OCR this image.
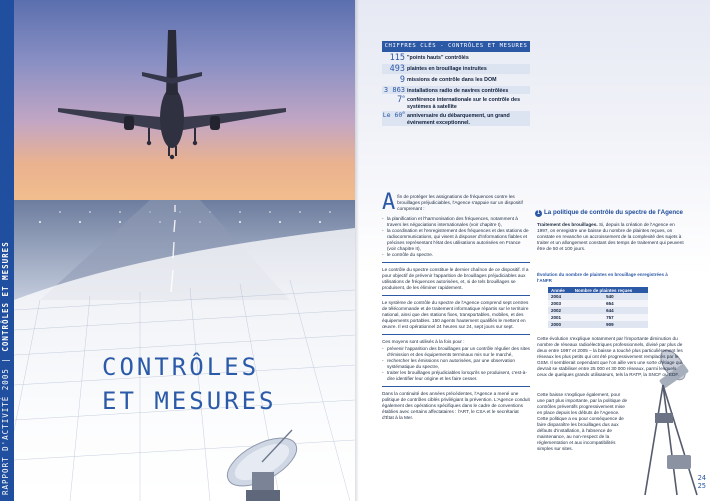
RAPPORT D'ACTIVITÉ 2005 | CONTRÔLES ET MESURES
CONTRÔLES
ET MESURES
CHIFFRES CLÉS - CONTRÔLES ET MESURES
115 "points hauts" contrôlés
493 plaintes en brouillage instruites
9 missions de contrôle dans les DOM
3 863 installations radio de navires contrôlées
7e conférence internationale sur le contrôle des systèmes à satellite
Le 60e anniversaire du débarquement, un grand événement exceptionnel.

Afin de protéger les assignations de fréquences contre les brouillages préjudiciables, l'Agence s'appuie sur un dispositif comprenant :

- la planification et l'harmonisation des fréquences, notamment à travers les négociations internationales (voir chapitre I),
- la coordination et l'enregistrement des fréquences et des stations de radiocommunications, qui visent à disposer d'informations fiables et précises représentant l'état des utilisations autorisées en France (voir chapitre II),
- le contrôle du spectre.

Le contrôle du spectre constitue le dernier chaînon de ce dispositif. Il a pour objectif de prévenir l'apparition de brouillages préjudiciables aux utilisations de fréquences autorisées, et, si de tels brouillages se produisent, de les éliminer rapidement.

Le système de contrôle du spectre de l'Agence comprend sept centres de télécommande et de traitement informatique répartis sur le territoire national, ainsi que des stations fixes, transportables, mobiles, et des équipements portables. 150 agents hautement qualifiés le mettent en œuvre. Il est opérationnel 24 heures sur 24, sept jours sur sept.

Ces moyens sont utilisés à la fois pour :

- prévenir l'apparition des brouillages par un contrôle régulier des sites d'émission et des équipements terminaux mis sur le marché,
- rechercher les émissions non autorisées, par une observation systématique du spectre,
- traiter les brouillages préjudiciables lorsqu'ils se produisent, c'est-à-dire identifier leur origine et les faire cesser.

Dans la continuité des années précédentes, l'Agence a mené une politique de contrôles ciblés privilégiant la prévention. L'Agence conduit également des opérations spécifiques dans le cadre de conventions établies avec certains affectataires : l'ART, le CSA et le secrétariat d'État à la Mer.

1 La politique de contrôle du spectre de l'Agence

Traitement des brouillages. Si, depuis la création de l'Agence en 1997, on enregistre une baisse du nombre de plaintes reçues, on constate en revanche un accroissement de la complexité des sujets à traiter et un allongement constant des temps de traitement qui peuvent être de 50 et 100 jours.

Évolution du nombre de plaintes en brouillage enregistrées à l'ANFR
Année	Nombre de plaintes reçues
2004	540
2003	654
2002	644
2001	757
2000	909

Cette évolution s'explique notamment par l'importante diminution du nombre de réseaux radioélectriques professionnels, divisé par plus de deux entre 1997 et 2005 – la baisse a touché plus particulièrement les réseaux les plus petits qui ont été progressivement remplacés par le GSM. Il semblerait cependant que l'on aille vers une sorte d'étiage qui devrait se stabiliser entre 25 000 et 30 000 réseaux, parmi lesquels ceux de quelques grands utilisateurs, tels la RATP, la SNCF ou EDF.

Cette baisse s'explique également, pour une part plus importante, par la politique de contrôles préventifs progressivement mise en place depuis les débuts de l'Agence. Cette politique a eu pour conséquence de faire disparaître les brouillages dus aux défauts d'installation, à l'absence de maintenance, au non-respect de la réglementation et aux incompatibilités simples sur sites.

24
25
